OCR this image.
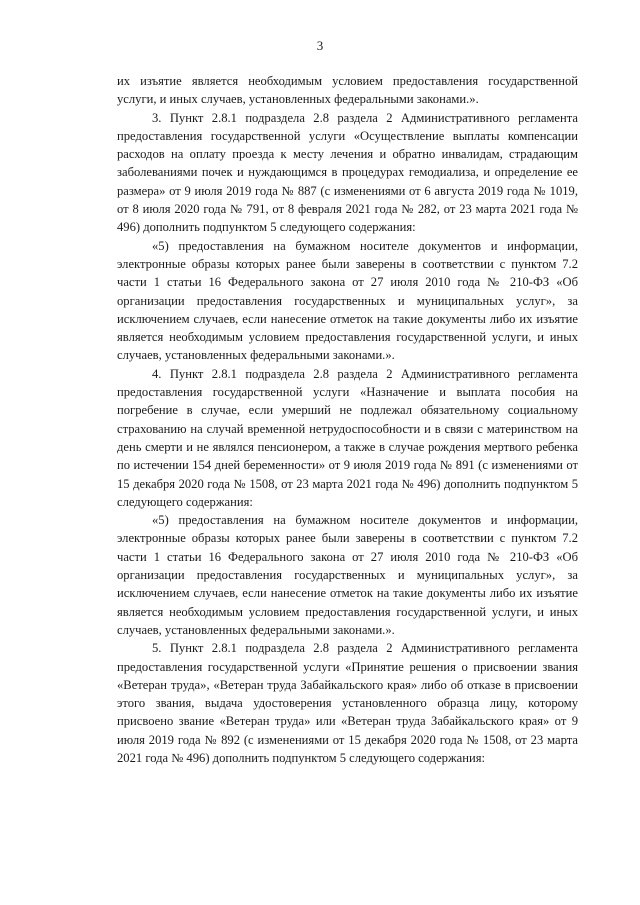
3

их изъятие является необходимым условием предоставления государственной услуги, и иных случаев, установленных федеральными законами.».

3. Пункт 2.8.1 подраздела 2.8 раздела 2 Административного регламента предоставления государственной услуги «Осуществление выплаты компенсации расходов на оплату проезда к месту лечения и обратно инвалидам, страдающим заболеваниями почек и нуждающимся в процедурах гемодиализа, и определение ее размера» от 9 июля 2019 года № 887 (с изменениями от 6 августа 2019 года № 1019, от 8 июля 2020 года № 791, от 8 февраля 2021 года № 282, от 23 марта 2021 года № 496) дополнить подпунктом 5 следующего содержания:

«5) предоставления на бумажном носителе документов и информации, электронные образы которых ранее были заверены в соответствии с пунктом 7.2 части 1 статьи 16 Федерального закона от 27 июля 2010 года № 210-ФЗ «Об организации предоставления государственных и муниципальных услуг», за исключением случаев, если нанесение отметок на такие документы либо их изъятие является необходимым условием предоставления государственной услуги, и иных случаев, установленных федеральными законами.».

4. Пункт 2.8.1 подраздела 2.8 раздела 2 Административного регламента предоставления государственной услуги «Назначение и выплата пособия на погребение в случае, если умерший не подлежал обязательному социальному страхованию на случай временной нетрудоспособности и в связи с материнством на день смерти и не являлся пенсионером, а также в случае рождения мертвого ребенка по истечении 154 дней беременности» от 9 июля 2019 года № 891 (с изменениями от 15 декабря 2020 года № 1508, от 23 марта 2021 года № 496) дополнить подпунктом 5 следующего содержания:

«5) предоставления на бумажном носителе документов и информации, электронные образы которых ранее были заверены в соответствии с пунктом 7.2 части 1 статьи 16 Федерального закона от 27 июля 2010 года № 210-ФЗ «Об организации предоставления государственных и муниципальных услуг», за исключением случаев, если нанесение отметок на такие документы либо их изъятие является необходимым условием предоставления государственной услуги, и иных случаев, установленных федеральными законами.».

5. Пункт 2.8.1 подраздела 2.8 раздела 2 Административного регламента предоставления государственной услуги «Принятие решения о присвоении звания «Ветеран труда», «Ветеран труда Забайкальского края» либо об отказе в присвоении этого звания, выдача удостоверения установленного образца лицу, которому присвоено звание «Ветеран труда» или «Ветеран труда Забайкальского края» от 9 июля 2019 года № 892 (с изменениями от 15 декабря 2020 года № 1508, от 23 марта 2021 года № 496) дополнить подпунктом 5 следующего содержания:
